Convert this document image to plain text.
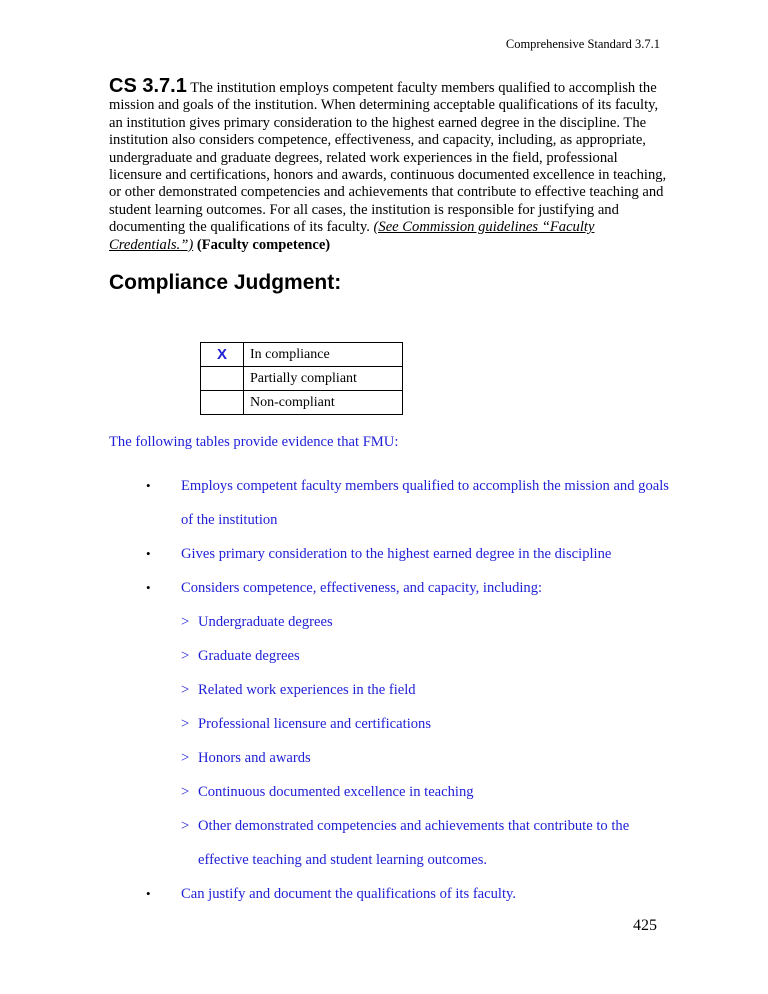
Comprehensive Standard 3.7.1
CS 3.7.1 The institution employs competent faculty members qualified to accomplish the mission and goals of the institution. When determining acceptable qualifications of its faculty, an institution gives primary consideration to the highest earned degree in the discipline. The institution also considers competence, effectiveness, and capacity, including, as appropriate, undergraduate and graduate degrees, related work experiences in the field, professional licensure and certifications, honors and awards, continuous documented excellence in teaching, or other demonstrated competencies and achievements that contribute to effective teaching and student learning outcomes. For all cases, the institution is responsible for justifying and documenting the qualifications of its faculty. (See Commission guidelines “Faculty Credentials.”) (Faculty competence)
Compliance Judgment:
X	In compliance
	Partially compliant
	Non-compliant
The following tables provide evidence that FMU:
• Employs competent faculty members qualified to accomplish the mission and goals of the institution
• Gives primary consideration to the highest earned degree in the discipline
• Considers competence, effectiveness, and capacity, including:
> Undergraduate degrees
> Graduate degrees
> Related work experiences in the field
> Professional licensure and certifications
> Honors and awards
> Continuous documented excellence in teaching
> Other demonstrated competencies and achievements that contribute to the effective teaching and student learning outcomes.
• Can justify and document the qualifications of its faculty.
425
